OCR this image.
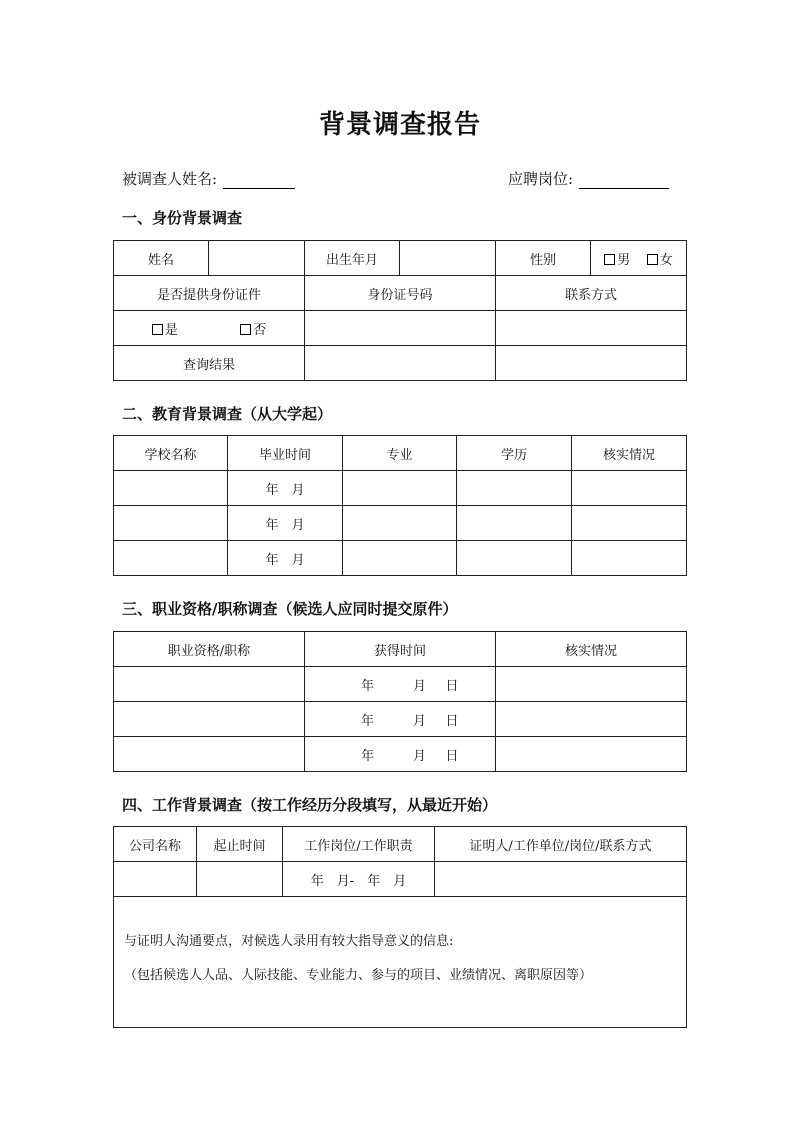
背景调查报告
被调查人姓名:	应聘岗位:
一、身份背景调查
姓名		出生年月		性别	男 女
是否提供身份证件		身份证号码		联系方式	
是 否					
查询结果					
二、教育背景调查（从大学起）
学校名称	毕业时间	专业	学历	核实情况
	年　月			
	年　月			
	年　月			
三、职业资格/职称调查（候选人应同时提交原件）
职业资格/职称	获得时间	核实情况
	年 月 日	
	年 月 日	
	年 月 日	
四、工作背景调查（按工作经历分段填写，从最近开始）
公司名称	起止时间	工作岗位/工作职责	证明人/工作单位/岗位/联系方式
		年　月-　年　月	

与证明人沟通要点，对候选人录用有较大指导意义的信息:
（包括候选人人品、人际技能、专业能力、参与的项目、业绩情况、离职原因等）			
